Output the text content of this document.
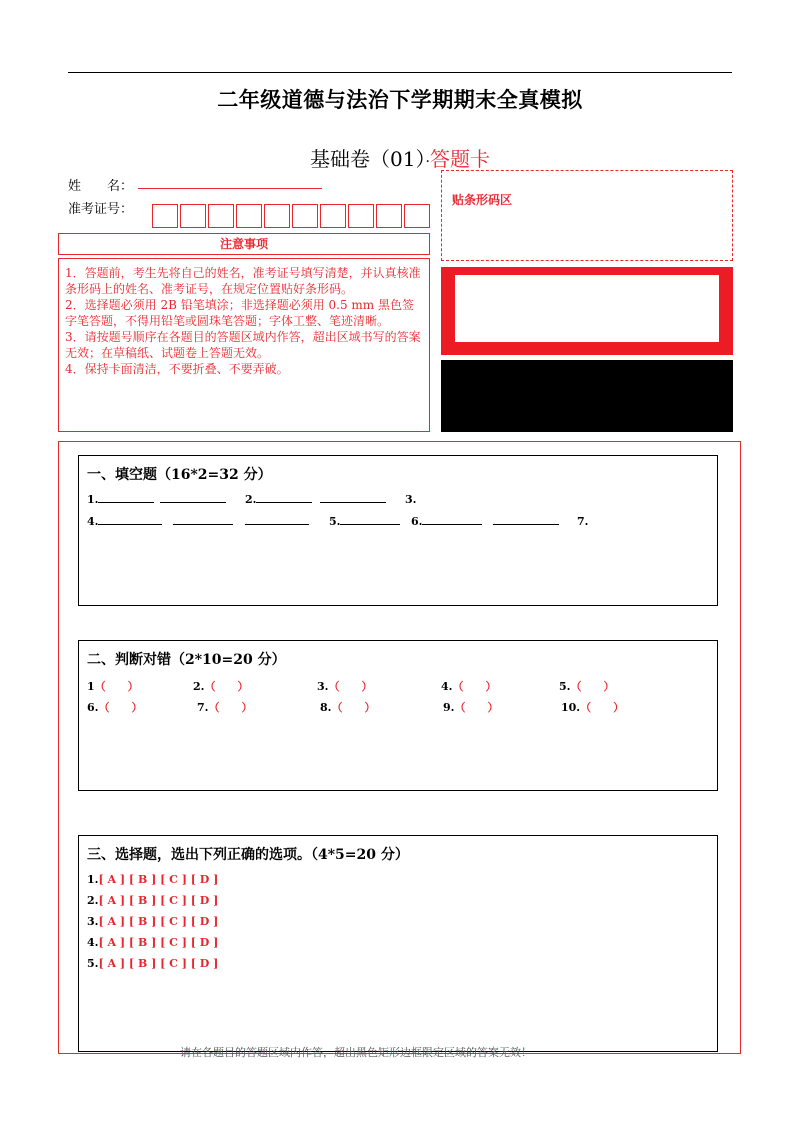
二年级道德与法治下学期期末全真模拟
基础卷（01）·答题卡
姓　　名：
准考证号：
贴条形码区
注意事项

1．答题前，考生先将自己的姓名，准考证号填写清楚，并认真核准条形码上的姓名、准考证号，在规定位置贴好条形码。

2．选择题必须用 2B 铅笔填涂；非选择题必须用 0.5 mm 黑色签字笔答题，不得用铅笔或圆珠笔答题；字体工整、笔迹清晰。

3．请按题号顺序在各题目的答题区域内作答，超出区域书写的答案无效；在草稿纸、试题卷上答题无效。

4．保持卡面清洁，不要折叠、不要弄破。

一、填空题（16*2=32 分）
1.	2.	3.
4.	5.	6.	7.
二、判断对错（2*10=20 分）
1（　　）	2.（　　）	3.（　　）	4.（　　）	5.（　　）
6.（　　）	7.（　　）	8.（　　）	9.（　　）	10.（　　）
三、选择题，选出下列正确的选项。（4*5=20 分）
1.[ A ] [ B ] [ C ] [ D ]
2.[ A ] [ B ] [ C ] [ D ]
3.[ A ] [ B ] [ C ] [ D ]
4.[ A ] [ B ] [ C ] [ D ]
5.[ A ] [ B ] [ C ] [ D ]
请在各题目的答题区域内作答，超出黑色矩形边框限定区域的答案无效！
